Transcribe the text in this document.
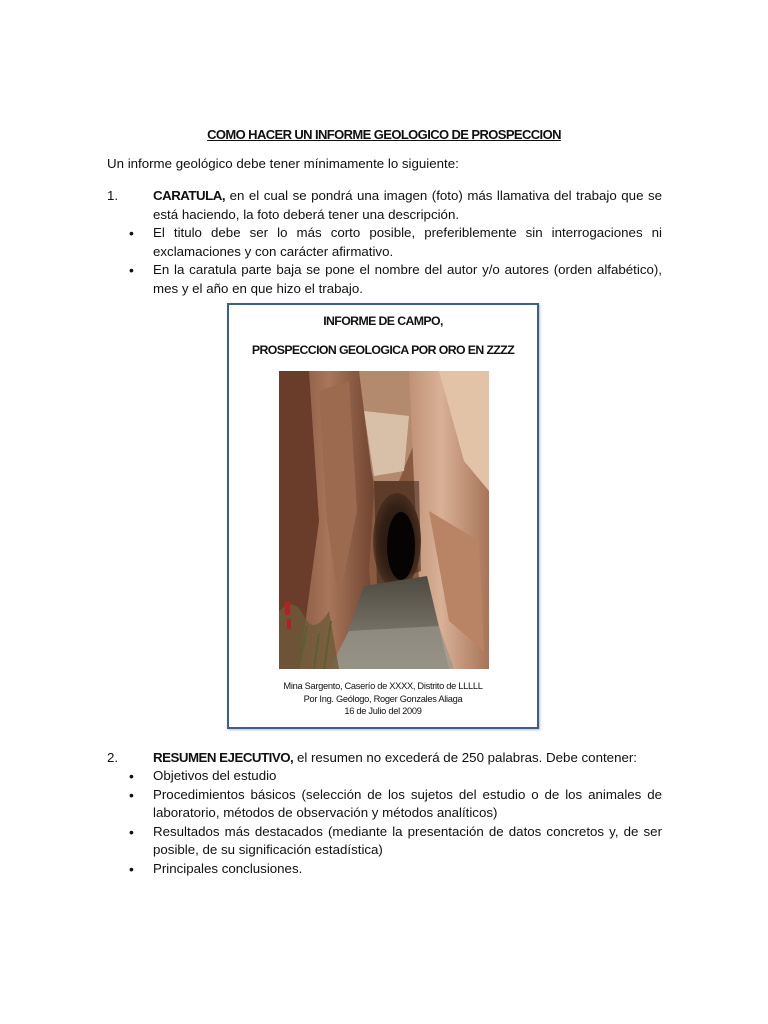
COMO HACER UN INFORME GEOLOGICO DE PROSPECCION
Un informe geológico debe tener mínimamente lo siguiente:
1.	CARATULA, en el cual se pondrá una imagen (foto) más llamativa del trabajo que se está haciendo, la foto deberá tener una descripción.
• El titulo debe ser lo más corto posible, preferiblemente sin interrogaciones ni exclamaciones y con carácter afirmativo.
• En la caratula parte baja se pone el nombre del autor y/o autores (orden alfabético), mes y el año en que hizo el trabajo.
INFORME DE CAMPO,
PROSPECCION GEOLOGICA POR ORO EN ZZZZ
Mina Sargento, Caserío de XXXX, Distrito de LLLLL
Por Ing. Geólogo, Roger Gonzales Aliaga
16 de Julio del 2009
2.	RESUMEN EJECUTIVO, el resumen no excederá de 250 palabras. Debe contener:
• Objetivos del estudio
• Procedimientos básicos (selección de los sujetos del estudio o de los animales de laboratorio, métodos de observación y métodos analíticos)
• Resultados más destacados (mediante la presentación de datos concretos y, de ser posible, de su significación estadística)
• Principales conclusiones.
